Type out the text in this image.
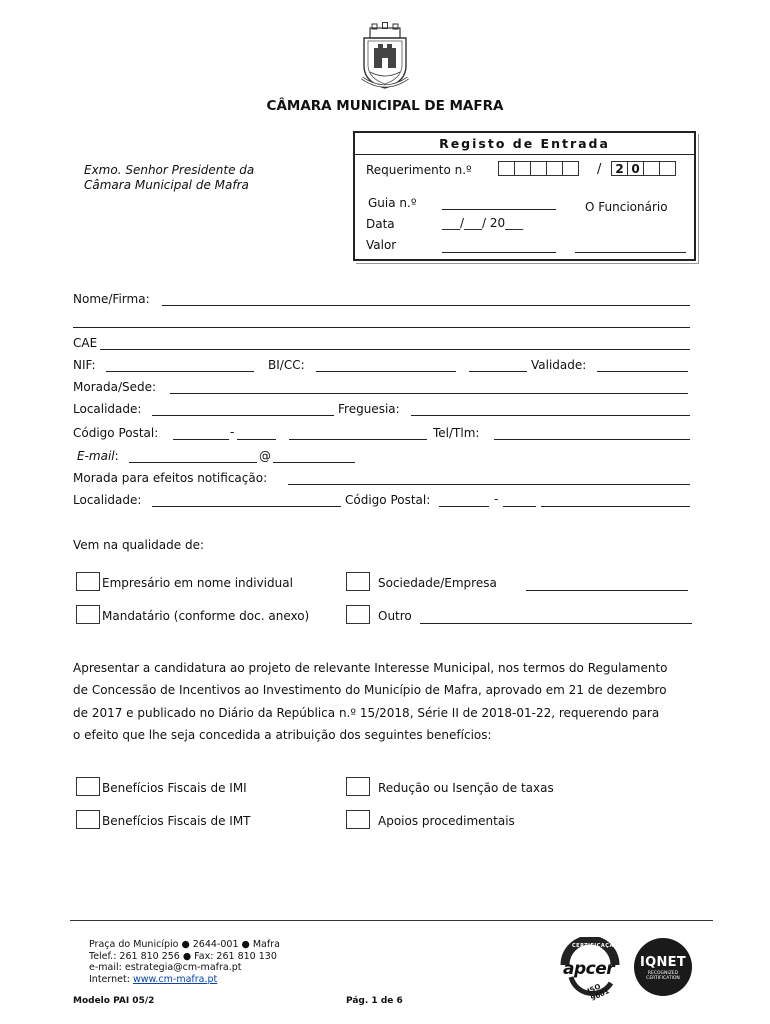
CÂMARA MUNICIPAL DE MAFRA
Exmo. Senhor Presidente da
Câmara Municipal de Mafra
Registo de Entrada
Requerimento n.º	/	2 0
Guia n.º	O Funcionário
Data	___/___/ 20___
Valor
Nome/Firma:
CAE
NIF:	BI/CC:	Validade:
Morada/Sede:
Localidade:	Freguesia:
Código Postal:	-	Tel/Tlm:
E-mail:	@
Morada para efeitos notificação:
Localidade:	Código Postal:	-
Vem na qualidade de:
Empresário em nome individual	Sociedade/Empresa
Mandatário (conforme doc. anexo)	Outro
Apresentar a candidatura ao projeto de relevante Interesse Municipal, nos termos do Regulamento
de Concessão de Incentivos ao Investimento do Município de Mafra, aprovado em 21 de dezembro
de 2017 e publicado no Diário da República n.º 15/2018, Série II de 2018-01-22, requerendo para
o efeito que lhe seja concedida a atribuição dos seguintes benefícios:
Benefícios Fiscais de IMI	Redução ou Isenção de taxas
Benefícios Fiscais de IMT	Apoios procedimentais
Praça do Município ● 2644-001 ● Mafra
Telef.: 261 810 256 ● Fax: 261 810 130
e-mail: estrategia@cm-mafra.pt
Internet: www.cm-mafra.pt
CERTIFICAÇÃO
apcer
ISO 9001
IQNET
RECOGNIZED
CERTIFICATION
Modelo PAI 05/2	Pág. 1 de 6
